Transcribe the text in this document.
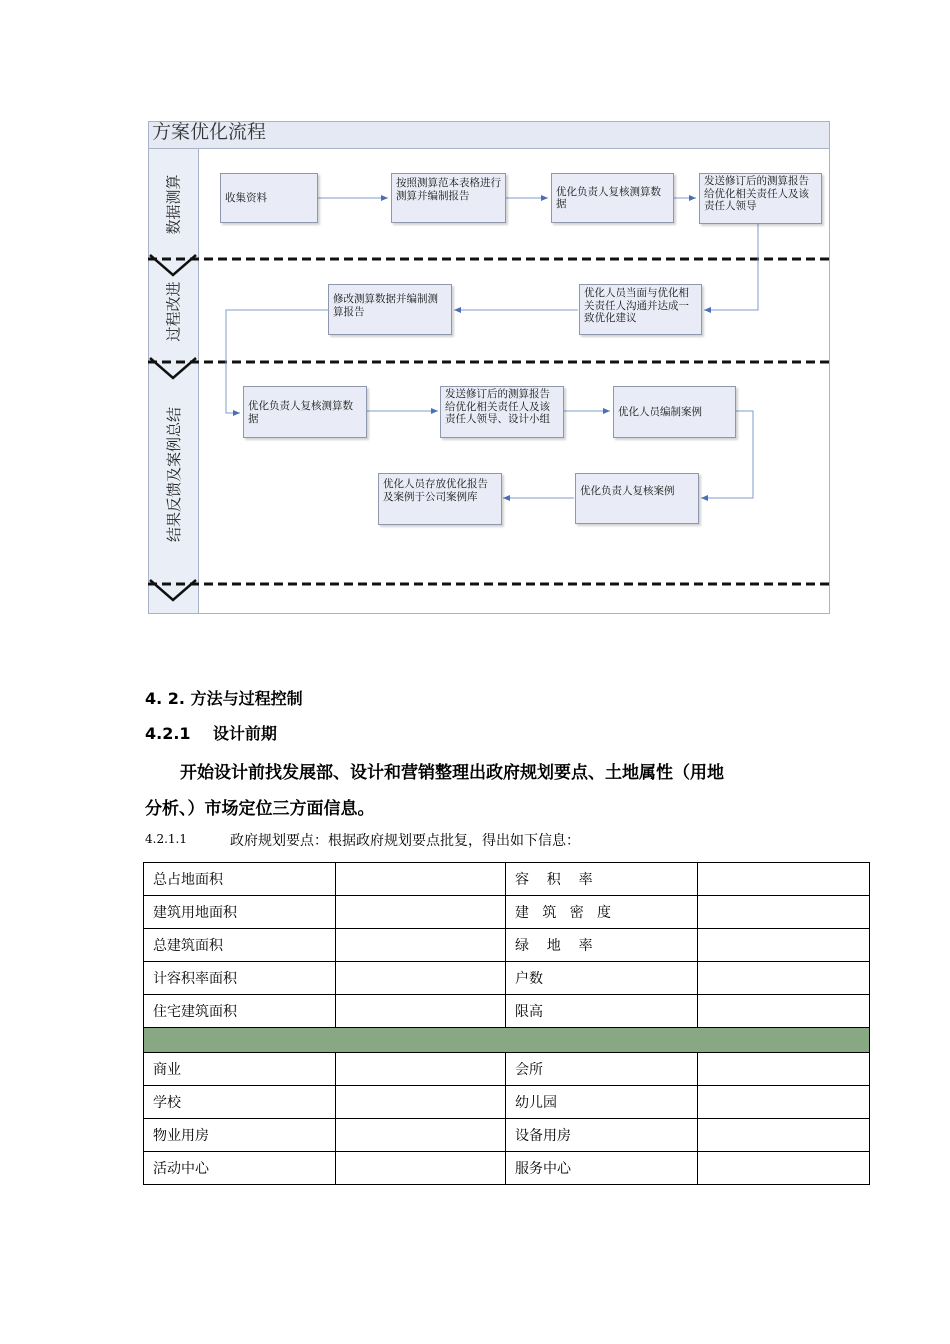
方案优化流程
数据测算
过程改进
结果反馈及案例总结
收集资料
按照测算范本表格进行测算并编制报告	优化负责人复核测算数据
发送修订后的测算报告给优化相关责任人及该责任人领导
优化人员当面与优化相关责任人沟通并达成一致优化建议
修改测算数据并编制测算报告
优化负责人复核测算数据
发送修订后的测算报告给优化相关责任人及该责任人领导、设计小组
优化人员编制案例
优化负责人复核案例
优化人员存放优化报告及案例于公司案例库
4. 2. 方法与过程控制
4.2.1    设计前期
开始设计前找发展部、设计和营销整理出政府规划要点、土地属性（用地
分析、）市场定位三方面信息。
4.2.1.1	政府规划要点：根据政府规划要点批复，得出如下信息：
总占地面积		容    积    率	
建筑用地面积		建   筑   密   度	
总建筑面积		绿    地    率	
计容积率面积		户数	
住宅建筑面积		限高	

商业		会所	
学校		幼儿园	
物业用房		设备用房	
活动中心		服务中心	
